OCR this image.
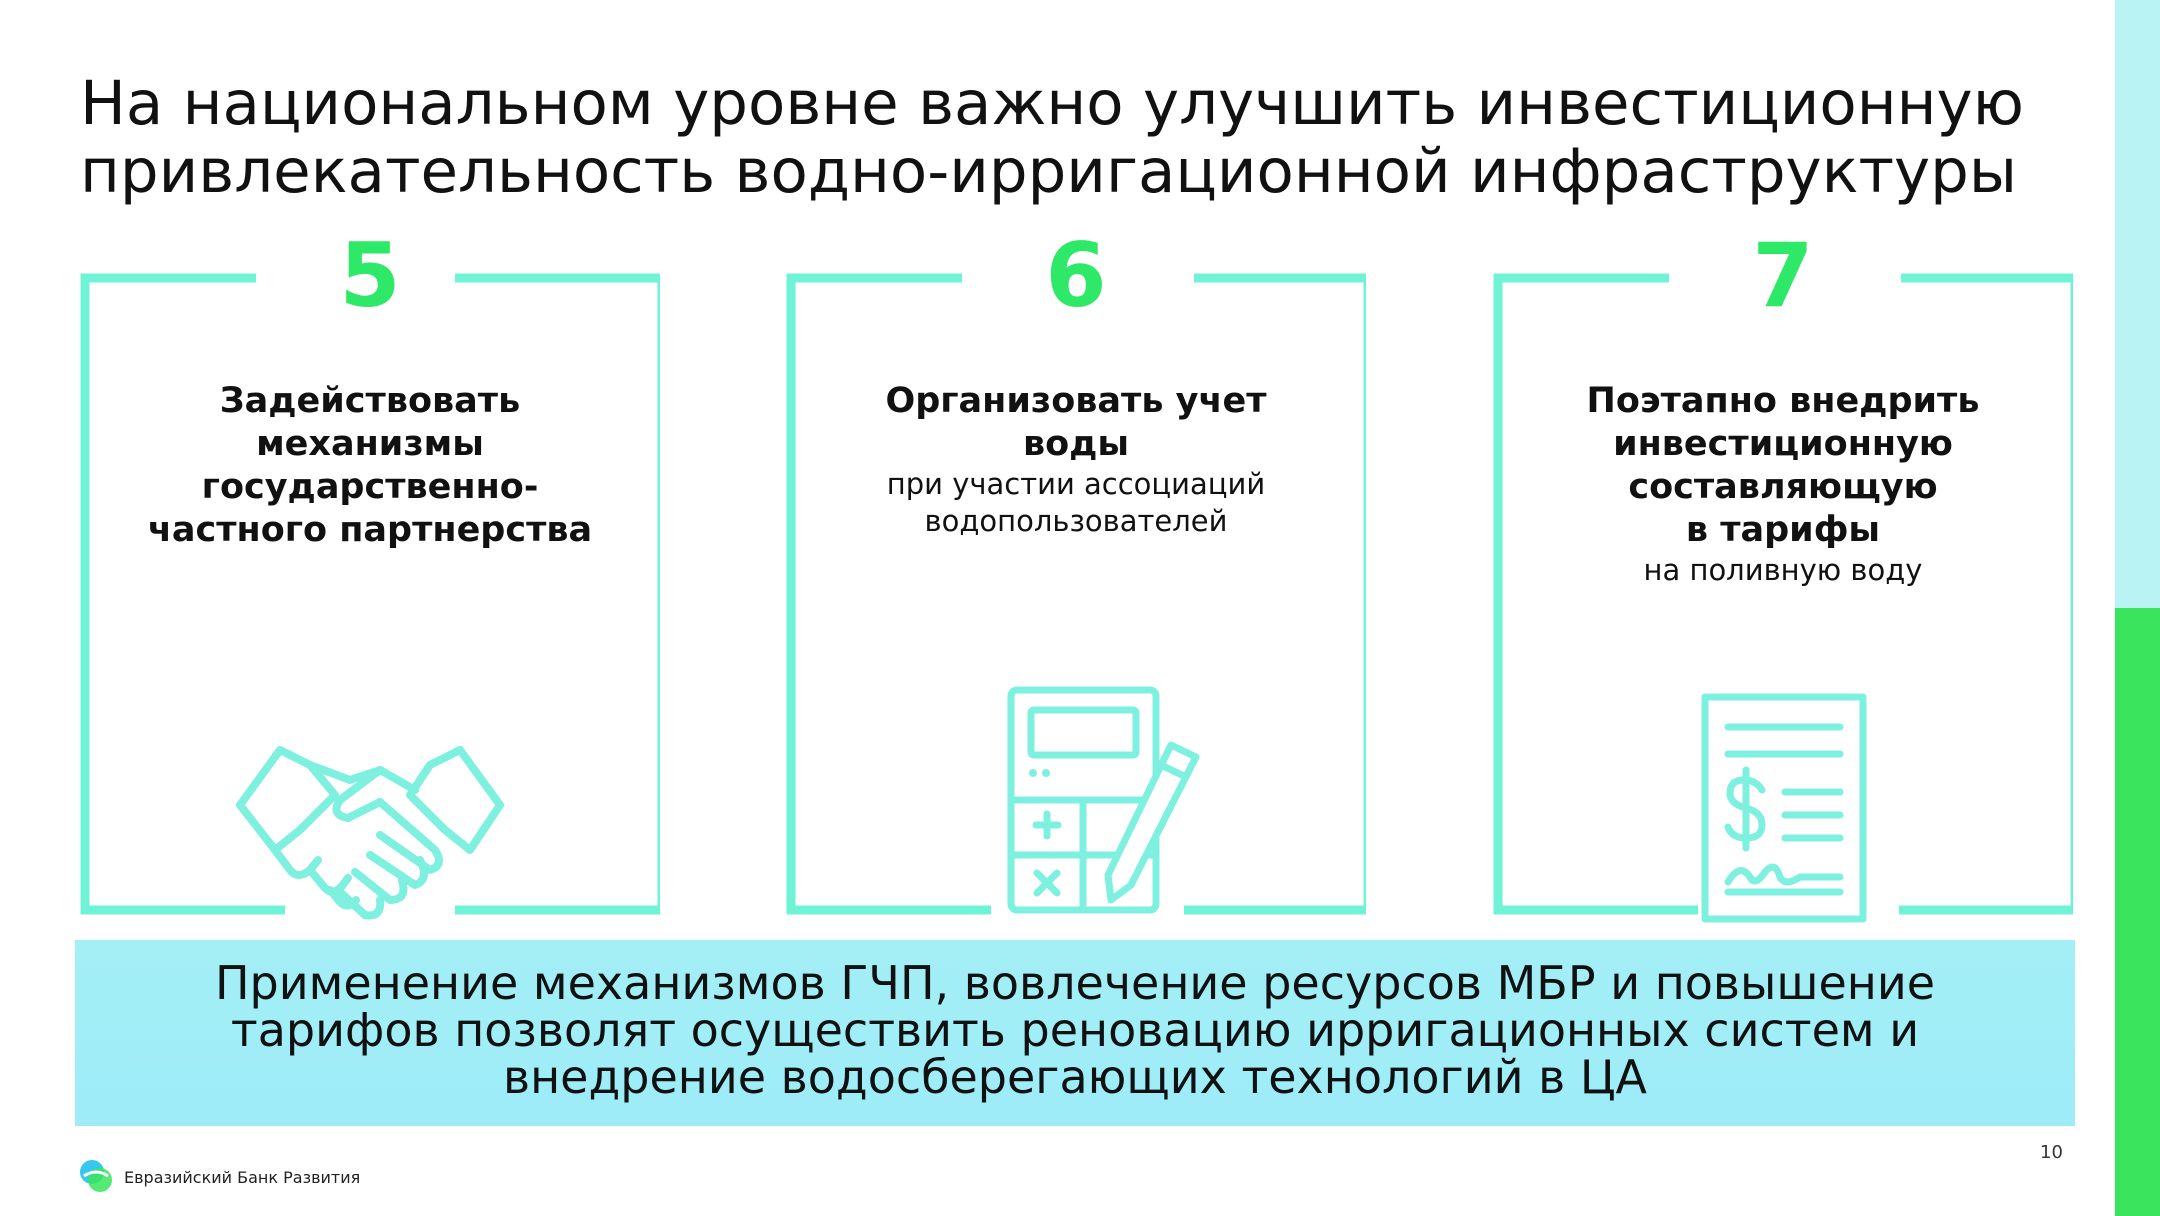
На национальном уровне важно улучшить инвестиционную
привлекательность водно-ирригационной инфраструктуры
5
Задействовать
механизмы
государственно-
частного партнерства
6
Организовать учет
воды
при участии ассоциаций
водопользователей
7
Поэтапно внедрить
инвестиционную
составляющую
в тарифы
на поливную воду
Применение механизмов ГЧП, вовлечение ресурсов МБР и повышение
тарифов позволят осуществить реновацию ирригационных систем и
внедрение водосберегающих технологий в ЦА
Евразийский Банк Развития
10
